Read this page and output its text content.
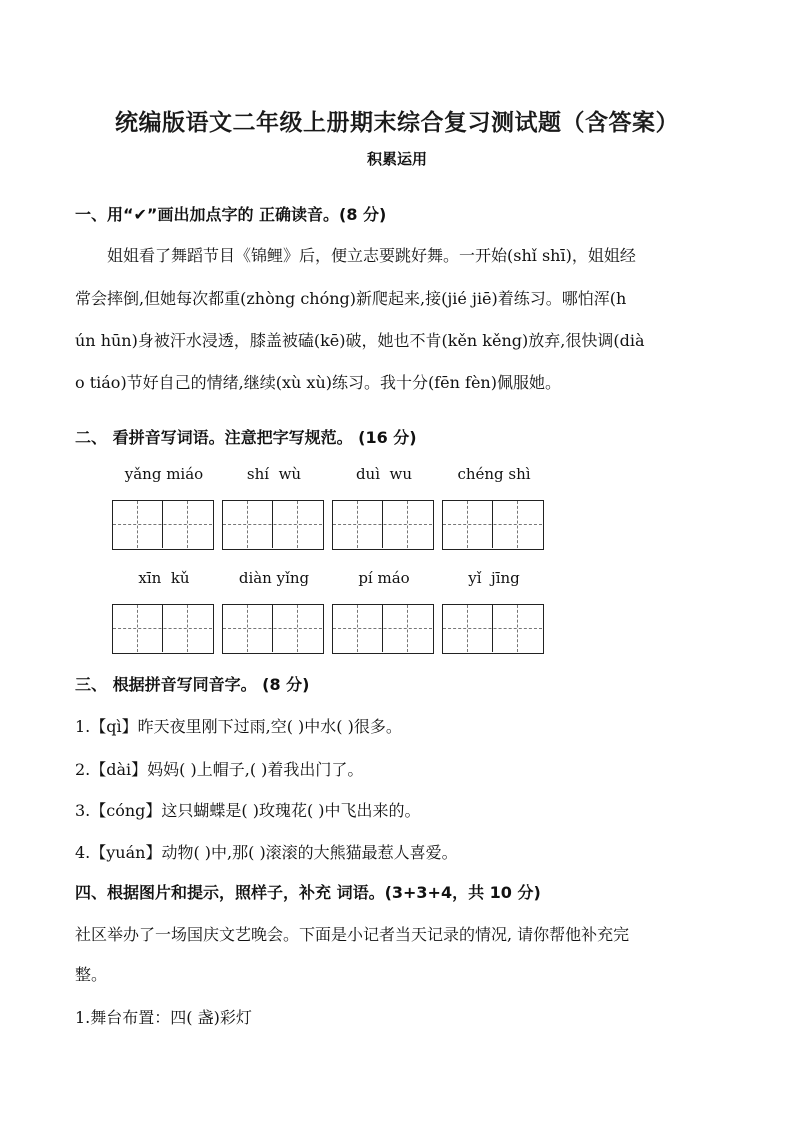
统编版语文二年级上册期末综合复习测试题（含答案）
积累运用
一、用“✔”画出加点字的 正确读音。(8 分)
姐姐看了舞蹈节目《锦鲤》后，便立志要跳好舞。一开始(shǐ shī)，姐姐经
常会摔倒,但她每次都重(zhòng chóng)新爬起来,接(jié jiē)着练习。哪怕浑(h
ún hūn)身被汗水浸透，膝盖被磕(kē)破，她也不肯(kěn kěng)放弃,很快调(dià
o tiáo)节好自己的情绪,继续(xù xù)练习。我十分(fēn fèn)佩服她。
二、 看拼音写词语。注意把字写规范。 (16 分)
yǎng miáo	shí  wù	duì  wu	chéng shì
xīn  kǔ	diàn yǐng	pí máo	yǐ  jīng
三、 根据拼音写同音字。 (8 分)
1.【qì】昨天夜里刚下过雨,空( )中水( )很多。
2.【dài】妈妈( )上帽子,( )着我出门了。
3.【cóng】这只蝴蝶是( )玫瑰花( )中飞出来的。
4.【yuán】动物( )中,那( )滚滚的大熊猫最惹人喜爱。
四、根据图片和提示，照样子，补充 词语。(3+3+4，共 10 分)
社区举办了一场国庆文艺晚会。下面是小记者当天记录的情况, 请你帮他补充完
整。
1.舞台布置：四( 盏)彩灯
